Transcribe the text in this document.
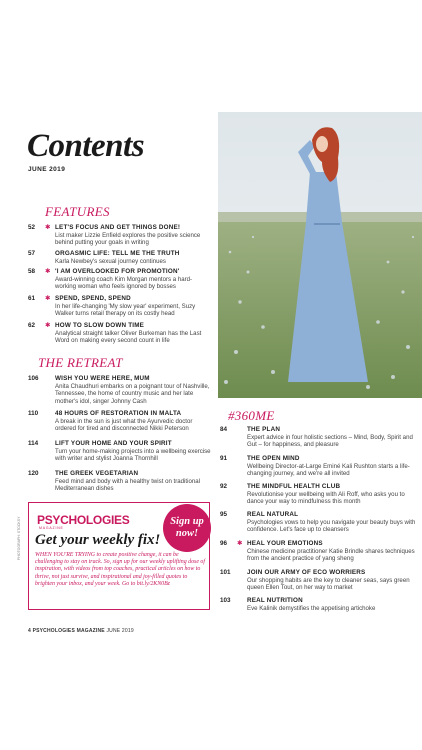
Contents
JUNE 2019
FEATURES
52 ✱ LET'S FOCUS AND GET THINGS DONE!
List maker Lizzie Enfield explores the positive science behind putting your goals in writing
57	ORGASMIC LIFE: TELL ME THE TRUTH
Karla Newbey's sexual journey continues
58 ✱ 'I AM OVERLOOKED FOR PROMOTION'
Award-winning coach Kim Morgan mentors a hard-working woman who feels ignored by bosses
61 ✱ SPEND, SPEND, SPEND
In her life-changing 'My slow year' experiment, Suzy Walker turns retail therapy on its costly head
62 ✱ HOW TO SLOW DOWN TIME
Analytical straight talker Oliver Burkeman has the Last Word on making every second count in life
THE RETREAT
106	WISH YOU WERE HERE, MUM
Anita Chaudhuri embarks on a poignant tour of Nashville, Tennessee, the home of country music and her late mother's idol, singer Johnny Cash
110	48 HOURS OF RESTORATION IN MALTA
A break in the sun is just what the Ayurvedic doctor ordered for tired and disconnected Nikki Peterson
114	LIFT YOUR HOME AND YOUR SPIRIT
Turn your home-making projects into a wellbeing exercise with writer and stylist Joanna Thornhill
120	THE GREEK VEGETARIAN
Feed mind and body with a healthy twist on traditional Mediterranean dishes
PSYCHOLOGIES
MAGAZINE
Get your weekly fix!
WHEN YOU'RE TRYING to create positive change, it can be challenging to stay on track. So, sign up for our weekly uplifting dose of inspiration, with videos from top coaches, practical articles on how to thrive, not just survive, and inspirational and joy-filled quotes to brighten your inbox, and your week. Go to bit.ly/2KN0Bz
Sign up
now!
PHOTOGRAPH: STOCKSY
#360ME
84	THE PLAN
Expert advice in four holistic sections – Mind, Body, Spirit and Gut – for happiness, and pleasure
91	THE OPEN MIND
Wellbeing Director-at-Large Eminé Kali Rushton starts a life-changing journey, and we're all invited
92	THE MINDFUL HEALTH CLUB
Revolutionise your wellbeing with Ali Roff, who asks you to dance your way to mindfulness this month
95	REAL NATURAL
Psychologies vows to help you navigate your beauty buys with confidence. Let's face up to cleansers
96 ✱ HEAL YOUR EMOTIONS
Chinese medicine practitioner Katie Brindle shares techniques from the ancient practice of yang sheng
101	JOIN OUR ARMY OF ECO WORRIERS
Our shopping habits are the key to cleaner seas, says green queen Ellen Tout, on her way to market
103	REAL NUTRITION
Eve Kalinik demystifies the appetising artichoke
4 PSYCHOLOGIES MAGAZINE JUNE 2019
